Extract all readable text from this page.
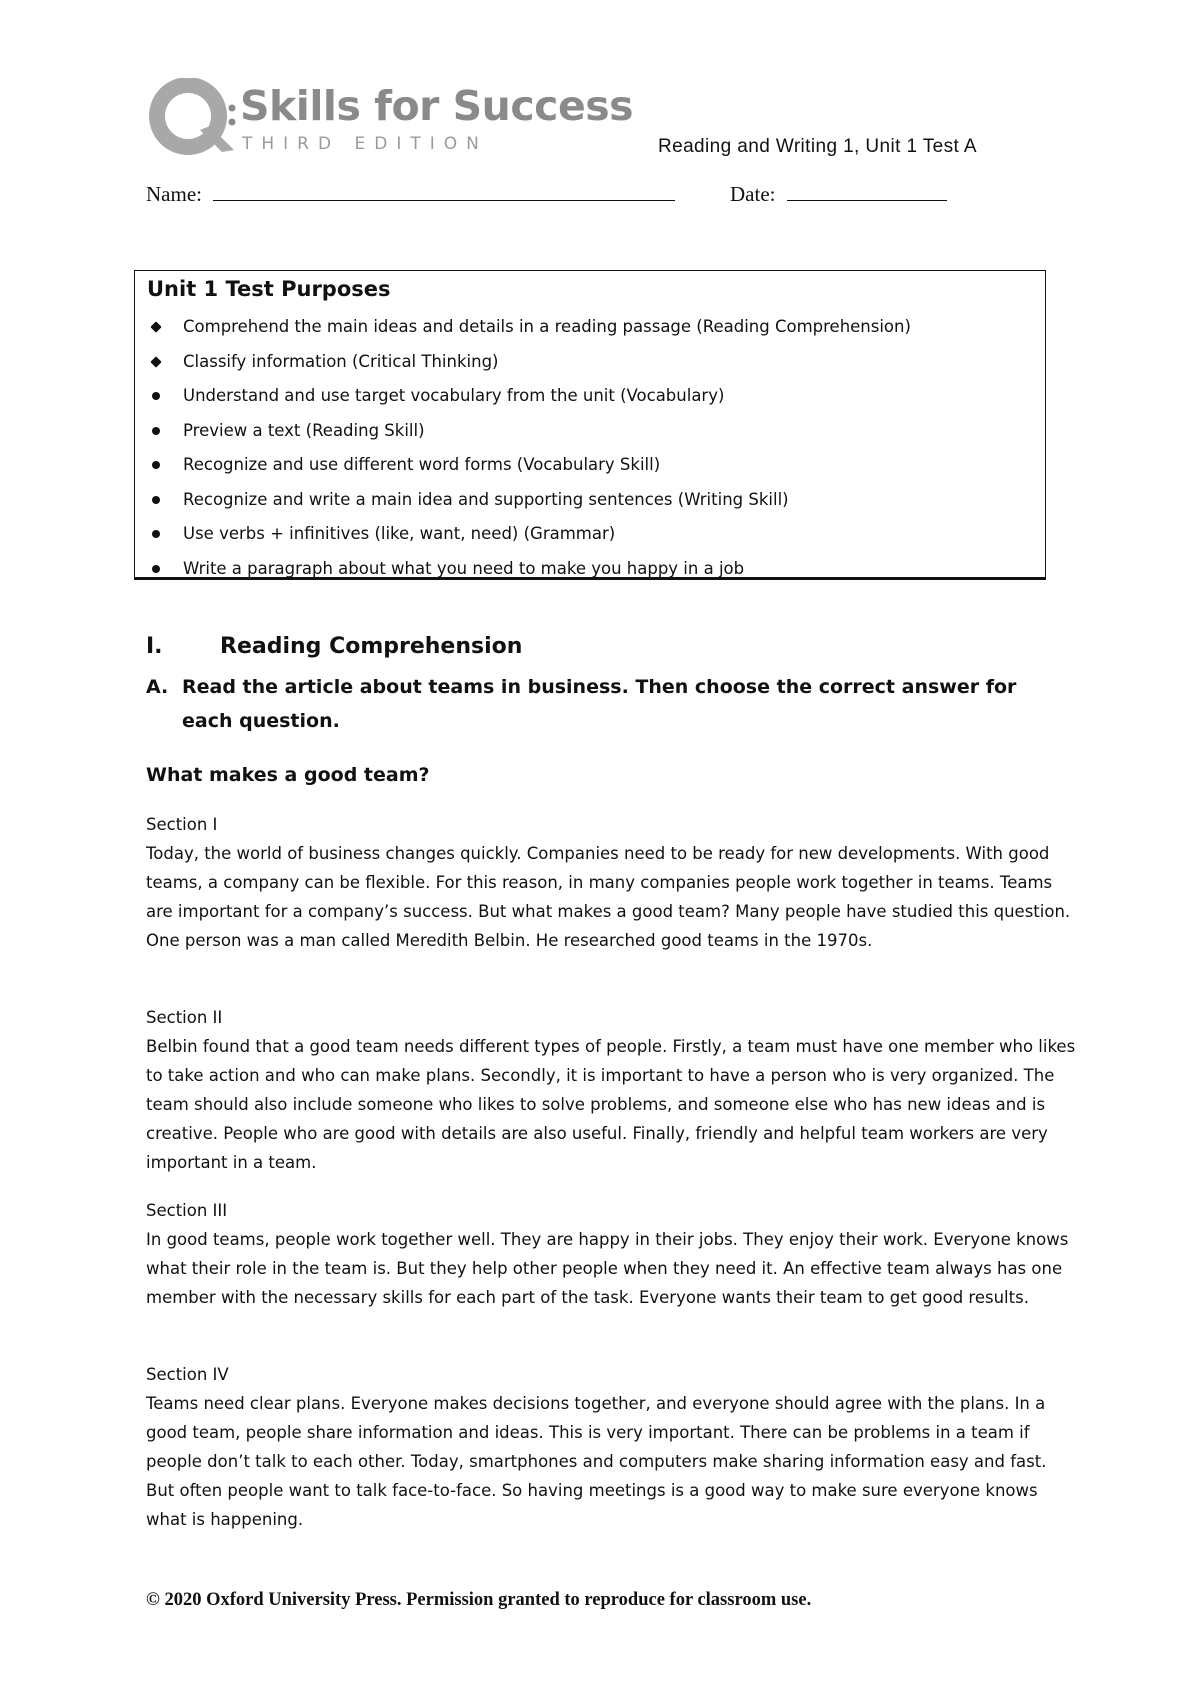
Skills for Success
THIRD EDITION	Reading and Writing 1, Unit 1 Test A
Name:	Date:
Unit 1 Test Purposes
Comprehend the main ideas and details in a reading passage (Reading Comprehension)
Classify information (Critical Thinking)
Understand and use target vocabulary from the unit (Vocabulary)
Preview a text (Reading Skill)
Recognize and use different word forms (Vocabulary Skill)
Recognize and write a main idea and supporting sentences (Writing Skill)
Use verbs + infinitives (like, want, need) (Grammar)
Write a paragraph about what you need to make you happy in a job
I.	Reading Comprehension

A. Read the article about teams in business. Then choose the correct answer for each question.

What makes a good team?

Section I

Today, the world of business changes quickly. Companies need to be ready for new developments. With good teams, a company can be flexible. For this reason, in many companies people work together in teams. Teams are important for a company’s success. But what makes a good team? Many people have studied this question. One person was a man called Meredith Belbin. He researched good teams in the 1970s.

Section II

Belbin found that a good team needs different types of people. Firstly, a team must have one member who likes to take action and who can make plans. Secondly, it is important to have a person who is very organized. The team should also include someone who likes to solve problems, and someone else who has new ideas and is creative. People who are good with details are also useful. Finally, friendly and helpful team workers are very important in a team.

Section III

In good teams, people work together well. They are happy in their jobs. They enjoy their work. Everyone knows what their role in the team is. But they help other people when they need it. An effective team always has one member with the necessary skills for each part of the task. Everyone wants their team to get good results.

Section IV

Teams need clear plans. Everyone makes decisions together, and everyone should agree with the plans. In a good team, people share information and ideas. This is very important. There can be problems in a team if people don’t talk to each other. Today, smartphones and computers make sharing information easy and fast. But often people want to talk face-to-face. So having meetings is a good way to make sure everyone knows what is happening.

© 2020 Oxford University Press. Permission granted to reproduce for classroom use.
